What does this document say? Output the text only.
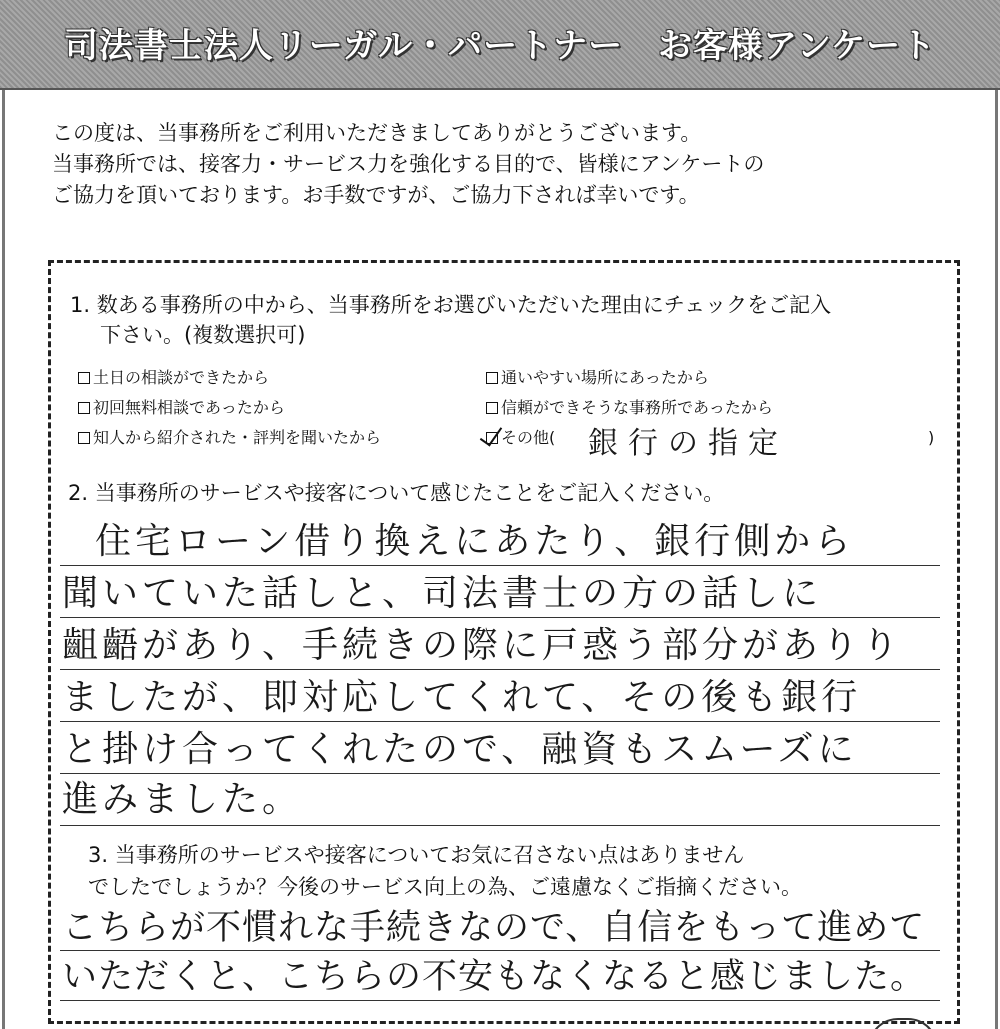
司法書士法人リーガル・パートナー　お客様アンケート
この度は、当事務所をご利用いただきましてありがとうございます。
当事務所では、接客力・サービス力を強化する目的で、皆様にアンケートの
ご協力を頂いております。お手数ですが、ご協力下されば幸いです。
1. 数ある事務所の中から、当事務所をお選びいただいた理由にチェックをご記入
下さい。(複数選択可)
土日の相談ができたから	通いやすい場所にあったから
初回無料相談であったから	信頼ができそうな事務所であったから
知人から紹介された・評判を聞いたから	その他( 銀行の指定	)
2. 当事務所のサービスや接客について感じたことをご記入ください。
住宅ローン借り換えにあたり、銀行側から
聞いていた話しと、司法書士の方の話しに
齟齬があり、手続きの際に戸惑う部分がありり
ましたが、即対応してくれて、その後も銀行
と掛け合ってくれたので、融資もスムーズに
進みました。
3. 当事務所のサービスや接客についてお気に召さない点はありません
でしたでしょうか？今後のサービス向上の為、ご遠慮なくご指摘ください。
こちらが不慣れな手続きなので、自信をもって進めて
いただくと、こちらの不安もなくなると感じました。
